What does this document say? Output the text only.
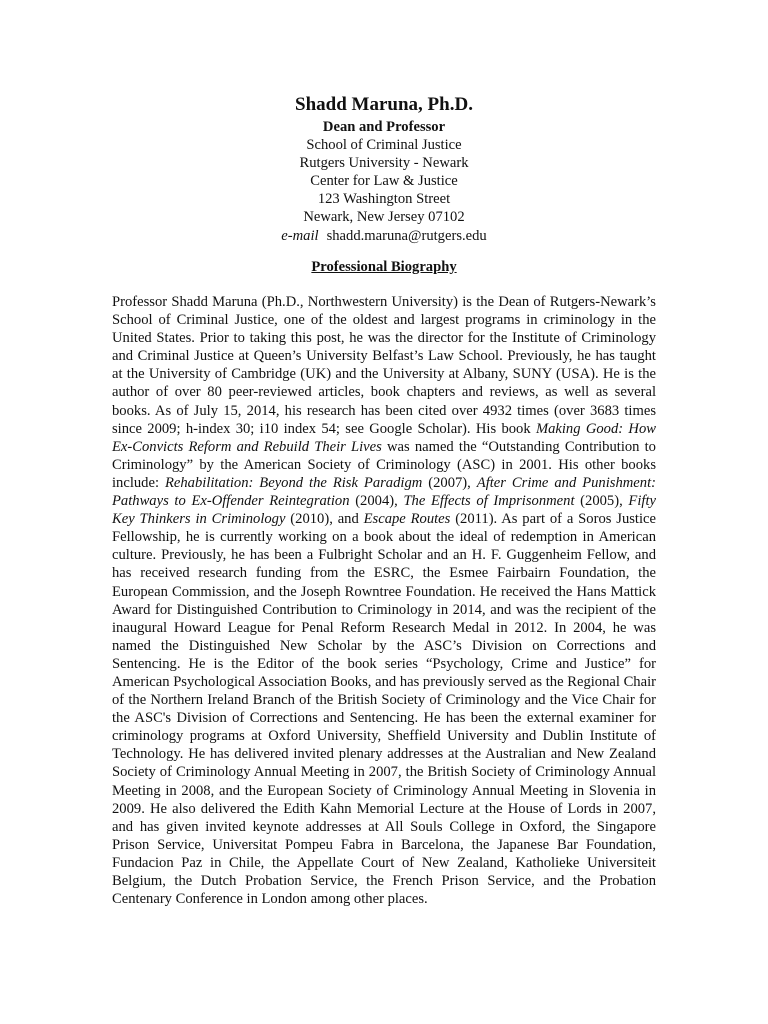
Shadd Maruna, Ph.D.
Dean and Professor
School of Criminal Justice
Rutgers University - Newark
Center for Law & Justice
123 Washington Street
Newark, New Jersey 07102
e-mail shadd.maruna@rutgers.edu
Professional Biography

Professor Shadd Maruna (Ph.D., Northwestern University) is the Dean of Rutgers-Newark’s School of Criminal Justice, one of the oldest and largest programs in criminology in the United States. Prior to taking this post, he was the director for the Institute of Criminology and Criminal Justice at Queen’s University Belfast’s Law School. Previously, he has taught at the University of Cambridge (UK) and the University at Albany, SUNY (USA). He is the author of over 80 peer-reviewed articles, book chapters and reviews, as well as several books. As of July 15, 2014, his research has been cited over 4932 times (over 3683 times since 2009; h-index 30; i10 index 54; see Google Scholar). His book Making Good: How Ex-Convicts Reform and Rebuild Their Lives was named the “Outstanding Contribution to Criminology” by the American Society of Criminology (ASC) in 2001. His other books include: Rehabilitation: Beyond the Risk Paradigm (2007), After Crime and Punishment: Pathways to Ex-Offender Reintegration (2004), The Effects of Imprisonment (2005), Fifty Key Thinkers in Criminology (2010), and Escape Routes (2011). As part of a Soros Justice Fellowship, he is currently working on a book about the ideal of redemption in American culture. Previously, he has been a Fulbright Scholar and an H. F. Guggenheim Fellow, and has received research funding from the ESRC, the Esmee Fairbairn Foundation, the European Commission, and the Joseph Rowntree Foundation. He received the Hans Mattick Award for Distinguished Contribution to Criminology in 2014, and was the recipient of the inaugural Howard League for Penal Reform Research Medal in 2012. In 2004, he was named the Distinguished New Scholar by the ASC’s Division on Corrections and Sentencing. He is the Editor of the book series “Psychology, Crime and Justice” for American Psychological Association Books, and has previously served as the Regional Chair of the Northern Ireland Branch of the British Society of Criminology and the Vice Chair for the ASC's Division of Corrections and Sentencing. He has been the external examiner for criminology programs at Oxford University, Sheffield University and Dublin Institute of Technology. He has delivered invited plenary addresses at the Australian and New Zealand Society of Criminology Annual Meeting in 2007, the British Society of Criminology Annual Meeting in 2008, and the European Society of Criminology Annual Meeting in Slovenia in 2009. He also delivered the Edith Kahn Memorial Lecture at the House of Lords in 2007, and has given invited keynote addresses at All Souls College in Oxford, the Singapore Prison Service, Universitat Pompeu Fabra in Barcelona, the Japanese Bar Foundation, Fundacion Paz in Chile, the Appellate Court of New Zealand, Katholieke Universiteit Belgium, the Dutch Probation Service, the French Prison Service, and the Probation Centenary Conference in London among other places.
